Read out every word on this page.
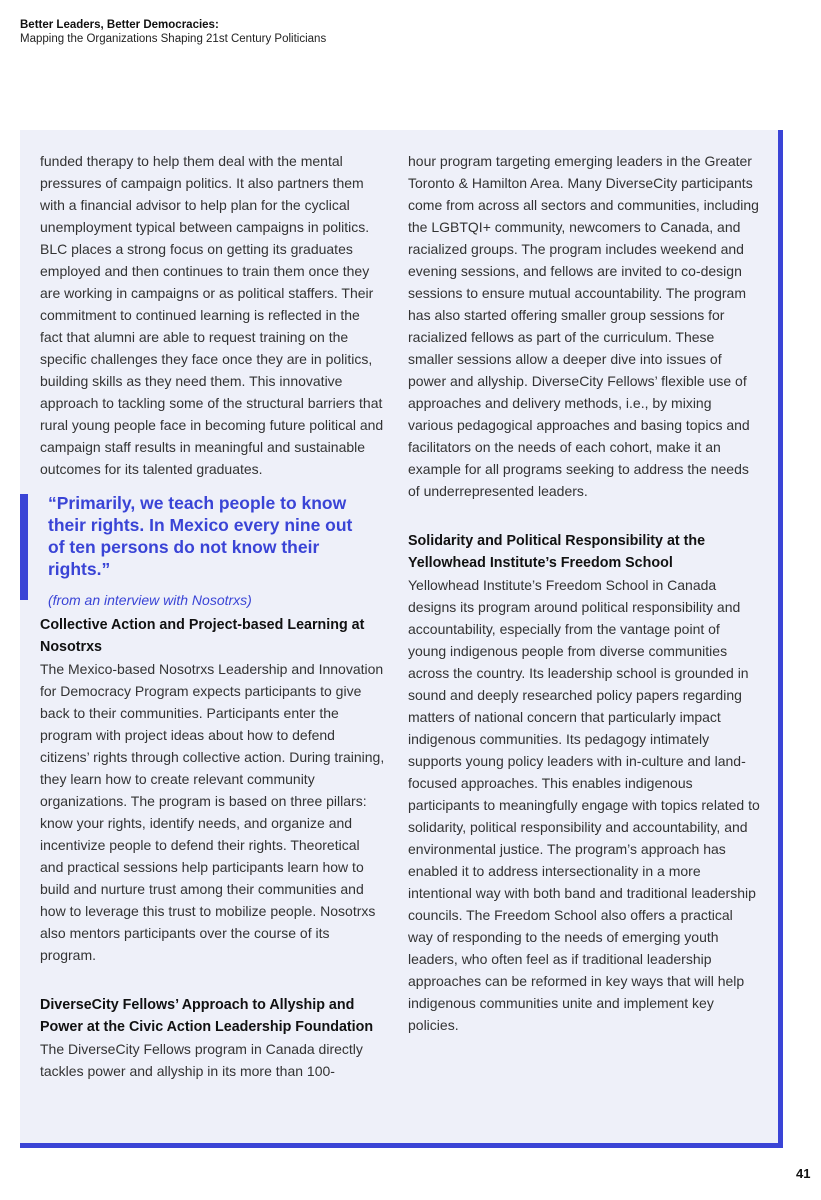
Better Leaders, Better Democracies:
Mapping the Organizations Shaping 21st Century Politicians

funded therapy to help them deal with the mental pressures of campaign politics. It also partners them with a financial advisor to help plan for the cyclical unemployment typical between campaigns in politics. BLC places a strong focus on getting its graduates employed and then continues to train them once they are working in campaigns or as political staffers. Their commitment to continued learning is reflected in the fact that alumni are able to request training on the specific challenges they face once they are in politics, building skills as they need them. This innovative approach to tackling some of the structural barriers that rural young people face in becoming future political and campaign staff results in meaningful and sustainable outcomes for its talented graduates.

“Primarily, we teach people to know their rights. In Mexico every nine out of ten persons do not know their rights.”

(from an interview with Nosotrxs)

Collective Action and Project-based Learning at Nosotrxs

The Mexico-based Nosotrxs Leadership and Innovation for Democracy Program expects participants to give back to their communities. Participants enter the program with project ideas about how to defend citizens’ rights through collective action. During training, they learn how to create relevant community organizations. The program is based on three pillars: know your rights, identify needs, and organize and incentivize people to defend their rights. Theoretical and practical sessions help participants learn how to build and nurture trust among their communities and how to leverage this trust to mobilize people. Nosotrxs also mentors participants over the course of its program.

DiverseCity Fellows’ Approach to Allyship and Power at the Civic Action Leadership Foundation

The DiverseCity Fellows program in Canada directly tackles power and allyship in its more than 100-

hour program targeting emerging leaders in the Greater Toronto & Hamilton Area. Many DiverseCity participants come from across all sectors and communities, including the LGBTQI+ community, newcomers to Canada, and racialized groups. The program includes weekend and evening sessions, and fellows are invited to co-design sessions to ensure mutual accountability. The program has also started offering smaller group sessions for racialized fellows as part of the curriculum. These smaller sessions allow a deeper dive into issues of power and allyship. DiverseCity Fellows’ flexible use of approaches and delivery methods, i.e., by mixing various pedagogical approaches and basing topics and facilitators on the needs of each cohort, make it an example for all programs seeking to address the needs of underrepresented leaders.

Solidarity and Political Responsibility at the Yellowhead Institute’s Freedom School

Yellowhead Institute’s Freedom School in Canada designs its program around political responsibility and accountability, especially from the vantage point of young indigenous people from diverse communities across the country. Its leadership school is grounded in sound and deeply researched policy papers regarding matters of national concern that particularly impact indigenous communities. Its pedagogy intimately supports young policy leaders with in-culture and land-focused approaches. This enables indigenous participants to meaningfully engage with topics related to solidarity, political responsibility and accountability, and environmental justice. The program’s approach has enabled it to address intersectionality in a more intentional way with both band and traditional leadership councils. The Freedom School also offers a practical way of responding to the needs of emerging youth leaders, who often feel as if traditional leadership approaches can be reformed in key ways that will help indigenous communities unite and implement key policies.

41
